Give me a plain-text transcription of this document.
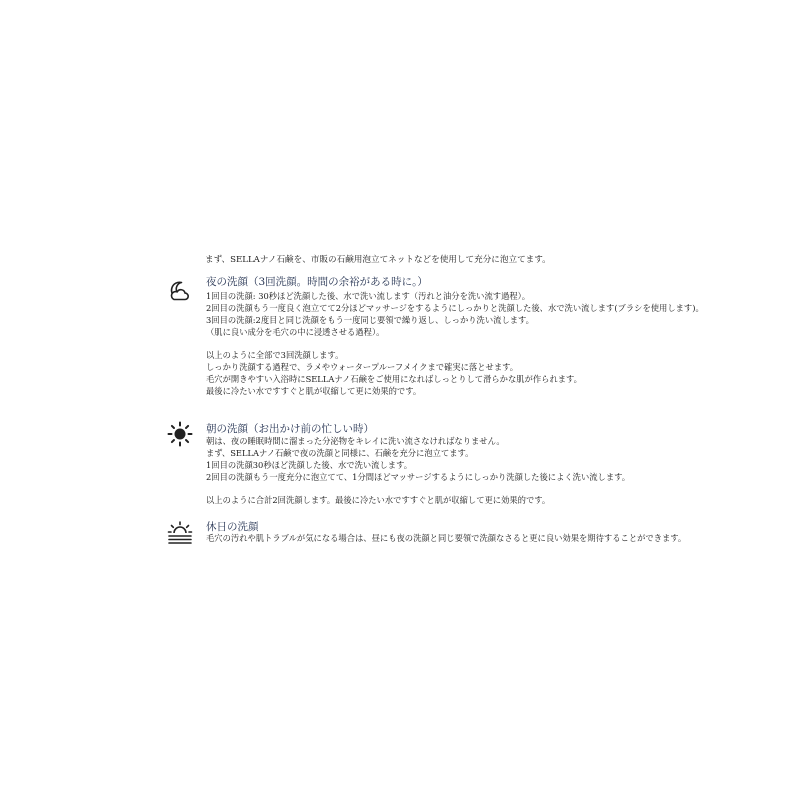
まず、SELLAナノ石鹸を、市販の石鹸用泡立てネットなどを使用して充分に泡立てます。
夜の洗顔（3回洗顔。時間の余裕がある時に。）
1回目の洗顔: 30秒ほど洗顔した後、水で洗い流します（汚れと油分を洗い流す過程）。
2回目の洗顔もう一度良く泡立てて2分ほどマッサージをするようにしっかりと洗顔した後、水で洗い流します(ブラシを使用します)。
3回目の洗顔:2度目と同じ洗顔をもう一度同じ要領で繰り返し、しっかり洗い流します。
（肌に良い成分を毛穴の中に浸透させる過程）。
以上のように全部で3回洗顔します。
しっかり洗顔する過程で、ラメやウォータープルーフメイクまで確実に落とせます。
毛穴が開きやすい入浴時にSELLAナノ石鹸をご使用になればしっとりして滑らかな肌が作られます。
最後に冷たい水ですすぐと肌が収縮して更に効果的です。
朝の洗顔（お出かけ前の忙しい時）
朝は、夜の睡眠時間に溜まった分泌物をキレイに洗い流さなければなりません。
まず、SELLAナノ石鹸で夜の洗顔と同様に、石鹸を充分に泡立てます。
1回目の洗顔30秒ほど洗顔した後、水で洗い流します。
2回目の洗顔もう一度充分に泡立てて、1分間ほどマッサージするようにしっかり洗顔した後によく洗い流します。
以上のように合計2回洗顔します。最後に冷たい水ですすぐと肌が収縮して更に効果的です。
休日の洗顔
毛穴の汚れや肌トラブルが気になる場合は、昼にも夜の洗顔と同じ要領で洗顔なさると更に良い効果を期待することができます。
